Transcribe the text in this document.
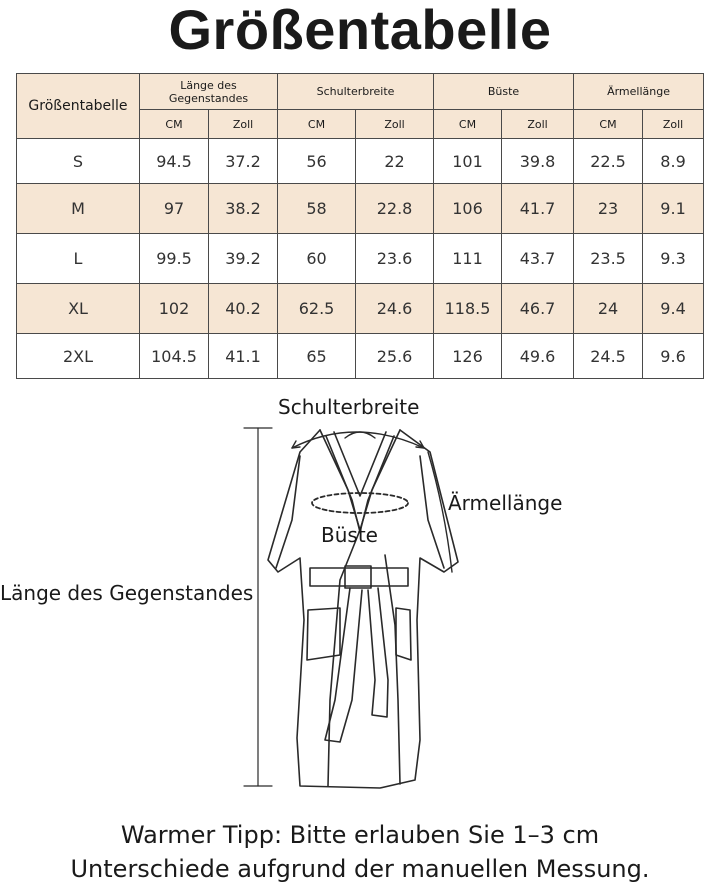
Größentabelle
Größentabelle	Länge des Gegenstandes		Schulterbreite		Büste		Ärmellänge	
	CM	Zoll	CM	Zoll	CM	Zoll	CM	Zoll
S	94.5	37.2	56	22	101	39.8	22.5	8.9
M	97	38.2	58	22.8	106	41.7	23	9.1
L	99.5	39.2	60	23.6	111	43.7	23.5	9.3
XL	102	40.2	62.5	24.6	118.5	46.7	24	9.4
2XL	104.5	41.1	65	25.6	126	49.6	24.5	9.6
Schulterbreite
Ärmellänge
Büste
Länge des Gegenstandes
Warmer Tipp: Bitte erlauben Sie 1–3 cm
Unterschiede aufgrund der manuellen Messung.
